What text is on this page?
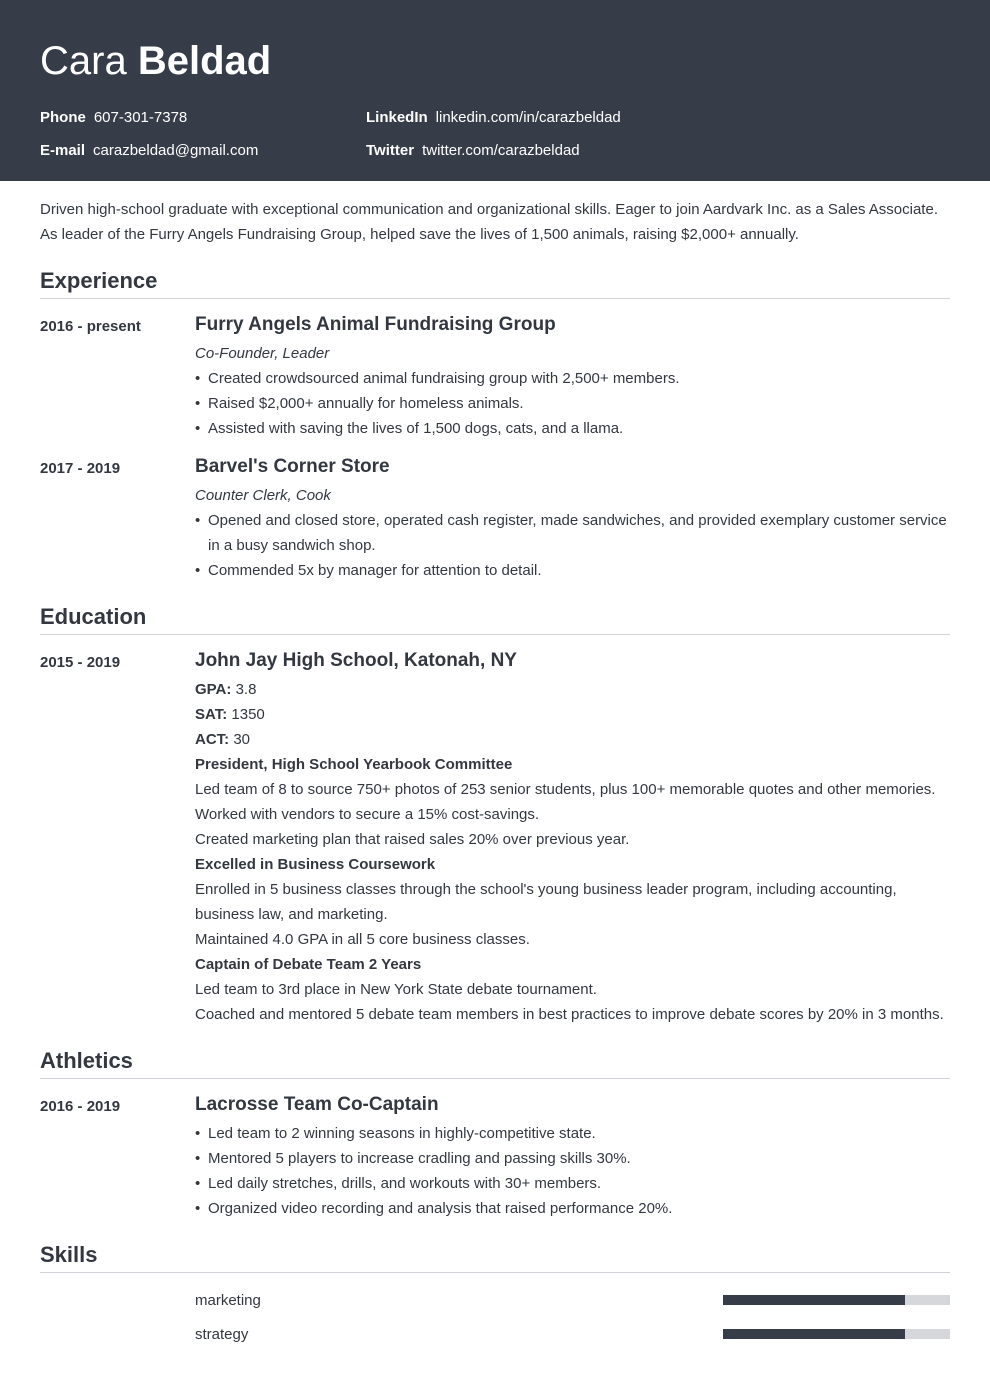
Cara Beldad
Phone 607-301-7378	LinkedIn linkedin.com/in/carazbeldad
E-mail carazbeldad@gmail.com	Twitter twitter.com/carazbeldad

Driven high-school graduate with exceptional communication and organizational skills. Eager to join Aardvark Inc. as a Sales Associate. As leader of the Furry Angels Fundraising Group, helped save the lives of 1,500 animals, raising $2,000+ annually.

Experience
2016 - present	Furry Angels Animal Fundraising Group
Co-Founder, Leader
• Created crowdsourced animal fundraising group with 2,500+ members.
• Raised $2,000+ annually for homeless animals.
• Assisted with saving the lives of 1,500 dogs, cats, and a llama.
2017 - 2019	Barvel's Corner Store
Counter Clerk, Cook
• Opened and closed store, operated cash register, made sandwiches, and provided exemplary customer service in a busy sandwich shop.
• Commended 5x by manager for attention to detail.
Education
2015 - 2019	John Jay High School, Katonah, NY
GPA: 3.8
SAT: 1350
ACT: 30
President, High School Yearbook Committee
Led team of 8 to source 750+ photos of 253 senior students, plus 100+ memorable quotes and other memories.
Worked with vendors to secure a 15% cost-savings.
Created marketing plan that raised sales 20% over previous year.
Excelled in Business Coursework
Enrolled in 5 business classes through the school's young business leader program, including accounting, business law, and marketing.
Maintained 4.0 GPA in all 5 core business classes.
Captain of Debate Team 2 Years
Led team to 3rd place in New York State debate tournament.
Coached and mentored 5 debate team members in best practices to improve debate scores by 20% in 3 months.
Athletics
2016 - 2019	Lacrosse Team Co-Captain
• Led team to 2 winning seasons in highly-competitive state.
• Mentored 5 players to increase cradling and passing skills 30%.
• Led daily stretches, drills, and workouts with 30+ members.
• Organized video recording and analysis that raised performance 20%.
Skills
marketing
strategy
